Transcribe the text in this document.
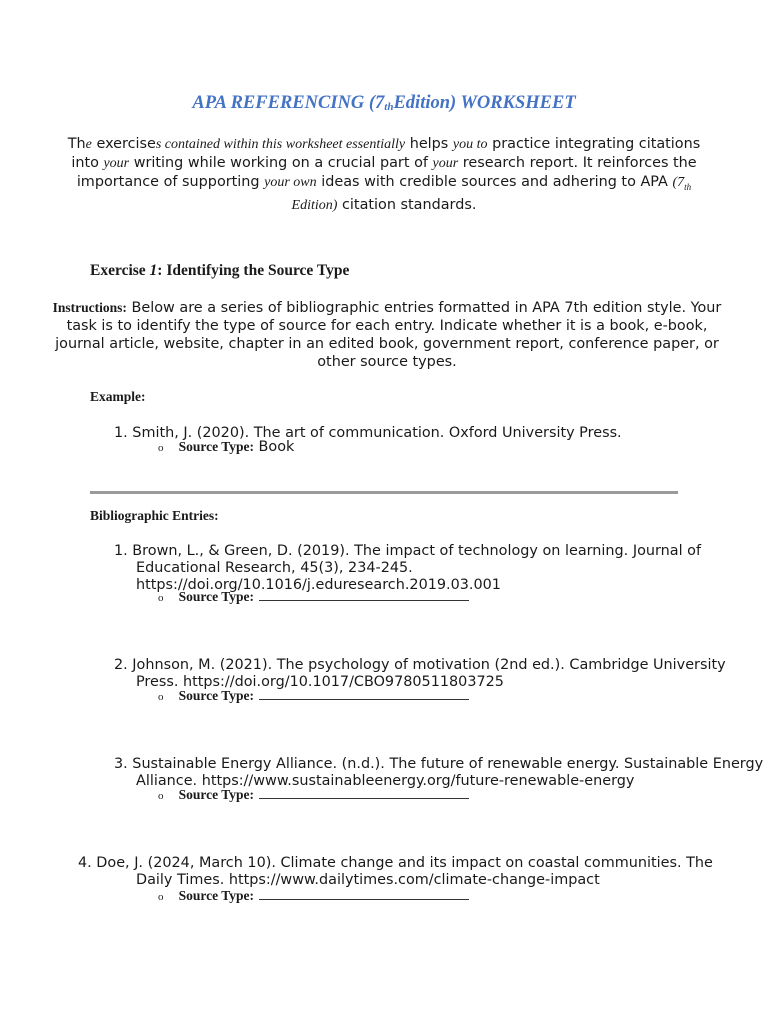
APA REFERENCING $(7_{th}Edition)$ WORKSHEET
The exercises contained within this worksheet essentially helps you to practice integrating citations into your writing while working on a crucial part of your research report. It reinforces the importance of supporting your own ideas with credible sources and adhering to APA ($7_{th}$ Edition) citation standards.
Exercise 1: Identifying the Source Type
Instructions: Below are a series of bibliographic entries formatted in APA 7th edition style. Your task is to identify the type of source for each entry. Indicate whether it is a book, e-book, journal article, website, chapter in an edited book, government report, conference paper, or other source types.
Example:
1. Smith, J. (2020). The art of communication. Oxford University Press.
o Source Type: Book
Bibliographic Entries:
1. Brown, L., & Green, D. (2019). The impact of technology on learning. Journal of
Educational Research, 45(3), 234-245.
https://doi.org/10.1016/j.eduresearch.2019.03.001
o Source Type:
2. Johnson, M. (2021). The psychology of motivation (2nd ed.). Cambridge University
Press. https://doi.org/10.1017/CBO9780511803725
o Source Type:
3. Sustainable Energy Alliance. (n.d.). The future of renewable energy. Sustainable Energy
Alliance. https://www.sustainableenergy.org/future-renewable-energy
o Source Type:
4. Doe, J. (2024, March 10). Climate change and its impact on coastal communities. The
Daily Times. https://www.dailytimes.com/climate-change-impact
o Source Type:
